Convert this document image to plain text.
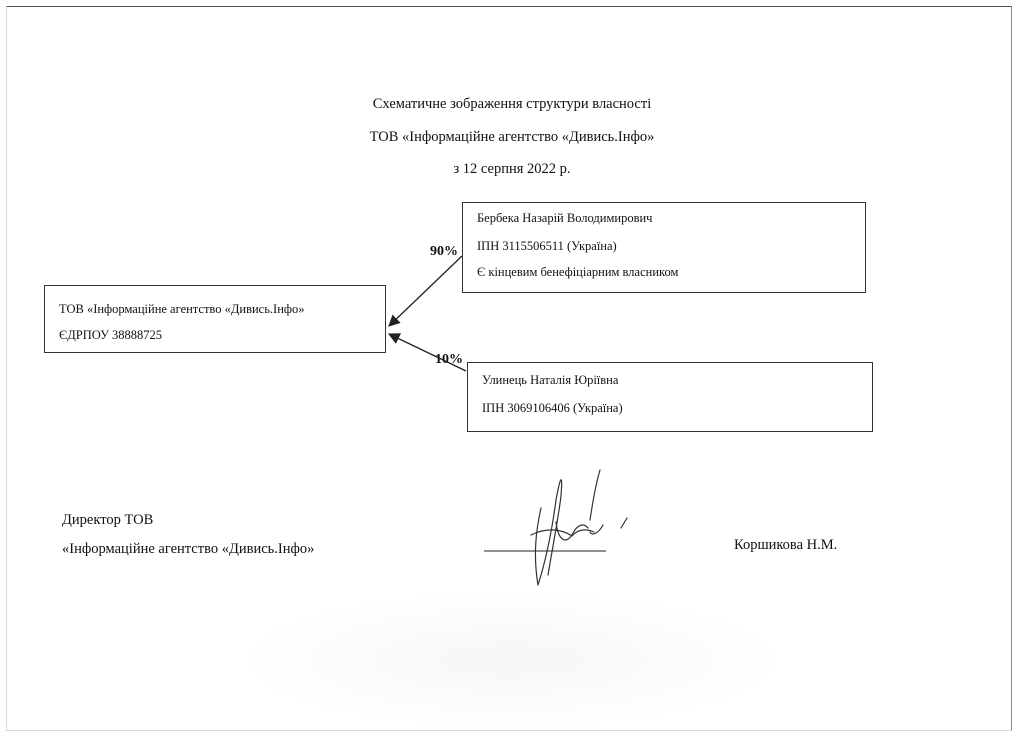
Схематичне зображення структури власності
ТОВ «Інформаційне агентство «Дивись.Інфо»
з 12 серпня 2022 р.
ТОВ «Інформаційне агентство «Дивись.Інфо»
ЄДРПОУ 38888725
Бербека Назарій Володимирович
ІПН 3115506511 (Україна)
Є кінцевим бенефіціарним власником
Улинець Наталія Юріївна
ІПН 3069106406 (Україна)
90%
10%
Директор ТОВ
«Інформаційне агентство «Дивись.Інфо»	Коршикова Н.М.
